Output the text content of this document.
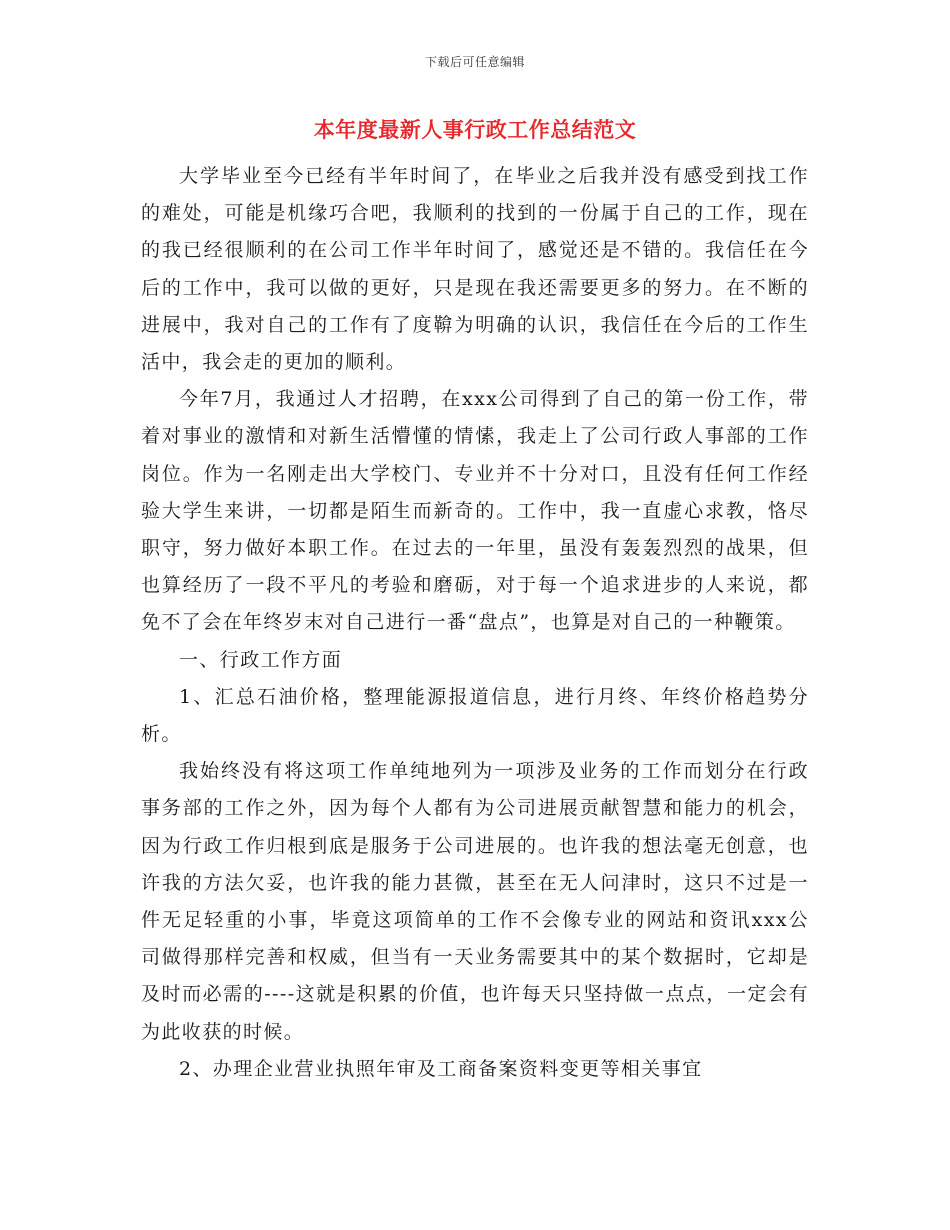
下载后可任意编辑
本年度最新人事行政工作总结范文

大学毕业至今已经有半年时间了，在毕业之后我并没有感受到找工作的难处，可能是机缘巧合吧，我顺利的找到的一份属于自己的工作，现在的我已经很顺利的在公司工作半年时间了，感觉还是不错的。我信任在今后的工作中，我可以做的更好，只是现在我还需要更多的努力。在不断的进展中，我对自己的工作有了度鞥为明确的认识，我信任在今后的工作生活中，我会走的更加的顺利。

今年7月，我通过人才招聘，在xxx公司得到了自己的第一份工作，带着对事业的激情和对新生活懵懂的情愫，我走上了公司行政人事部的工作岗位。作为一名刚走出大学校门、专业并不十分对口，且没有任何工作经验大学生来讲，一切都是陌生而新奇的。工作中，我一直虚心求教，恪尽职守，努力做好本职工作。在过去的一年里，虽没有轰轰烈烈的战果，但也算经历了一段不平凡的考验和磨砺，对于每一个追求进步的人来说，都免不了会在年终岁末对自己进行一番“盘点”，也算是对自己的一种鞭策。

一、行政工作方面

1、汇总石油价格，整理能源报道信息，进行月终、年终价格趋势分析。

我始终没有将这项工作单纯地列为一项涉及业务的工作而划分在行政事务部的工作之外，因为每个人都有为公司进展贡献智慧和能力的机会，因为行政工作归根到底是服务于公司进展的。也许我的想法毫无创意，也许我的方法欠妥，也许我的能力甚微，甚至在无人问津时，这只不过是一件无足轻重的小事，毕竟这项简单的工作不会像专业的网站和资讯xxx公司做得那样完善和权威，但当有一天业务需要其中的某个数据时，它却是及时而必需的----这就是积累的价值，也许每天只坚持做一点点，一定会有为此收获的时候。

2、办理企业营业执照年审及工商备案资料变更等相关事宜
